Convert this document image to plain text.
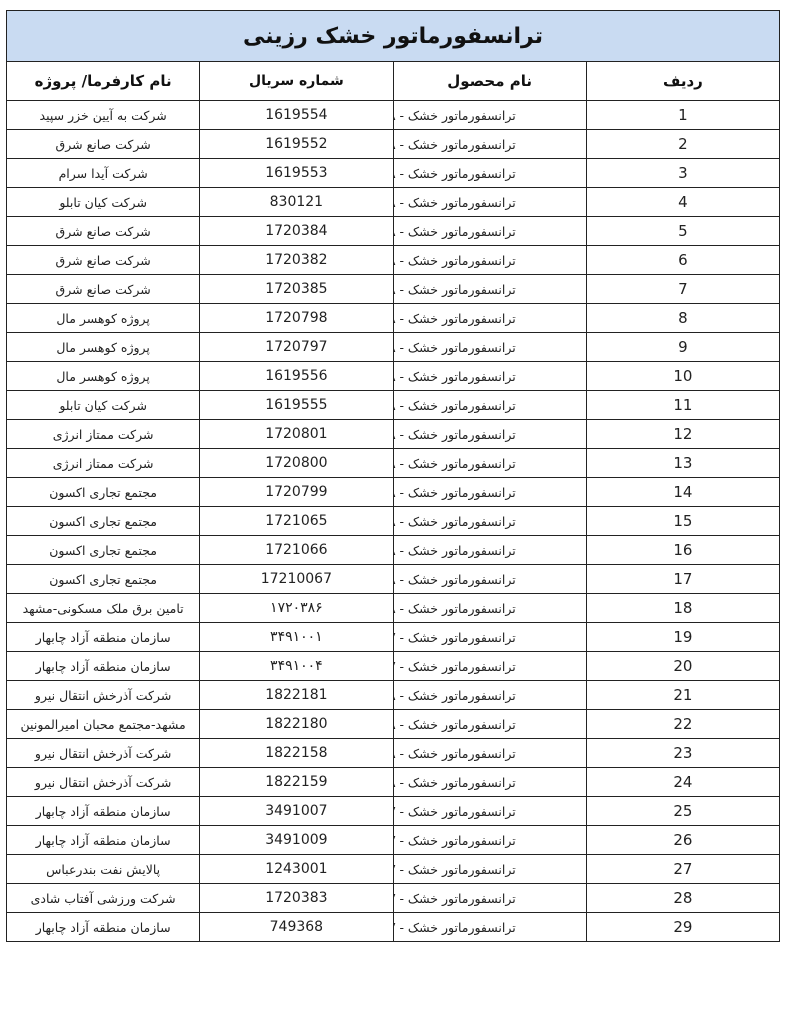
ترانسفورماتور خشک رزینی			
ردیف	نام محصول	شماره سریال	نام کارفرما/ پروژه
1	ترانسفورماتور خشک -	1619554	شرکت به آیین خزر سپید
2	ترانسفورماتور خشک -	1619552	شرکت صانع شرق
3	ترانسفورماتور خشک -	1619553	شرکت آیدا سرام
4	ترانسفورماتور خشک -	830121	شرکت کیان تابلو
5	ترانسفورماتور خشک -	1720384	شرکت صانع شرق
6	ترانسفورماتور خشک -	1720382	شرکت صانع شرق
7	ترانسفورماتور خشک -	1720385	شرکت صانع شرق
8	ترانسفورماتور خشک -	1720798	پروژه کوهسر مال
9	ترانسفورماتور خشک -	1720797	پروژه کوهسر مال
10	ترانسفورماتور خشک -	1619556	پروژه کوهسر مال
11	ترانسفورماتور خشک -	1619555	شرکت کیان تابلو
12	ترانسفورماتور خشک -	1720801	شرکت ممتاز انرژی
13	ترانسفورماتور خشک -	1720800	شرکت ممتاز انرژی
14	ترانسفورماتور خشک -	1720799	مجتمع تجاری اکسون
15	ترانسفورماتور خشک -	1721065	مجتمع تجاری اکسون
16	ترانسفورماتور خشک -	1721066	مجتمع تجاری اکسون
17	ترانسفورماتور خشک -	17210067	مجتمع تجاری اکسون
18	ترانسفورماتور خشک -	۱۷۲۰۳۸۶	تامین برق ملک مسکونی-مشهد
19	ترانسفورماتور خشک -	۳۴۹۱۰۰۱	سازمان منطقه آزاد چابهار
20	ترانسفورماتور خشک -	۳۴۹۱۰۰۴	سازمان منطقه آزاد چابهار
21	ترانسفورماتور خشک -	1822181	شرکت آذرخش انتقال نیرو
22	ترانسفورماتور خشک -	1822180	مشهد-مجتمع محبان امیرالمونین
23	ترانسفورماتور خشک -	1822158	شرکت آذرخش انتقال نیرو
24	ترانسفورماتور خشک -	1822159	شرکت آذرخش انتقال نیرو
25	ترانسفورماتور خشک -	3491007	سازمان منطقه آزاد چابهار
26	ترانسفورماتور خشک -	3491009	سازمان منطقه آزاد چابهار
27	ترانسفورماتور خشک -	1243001	پالایش نفت بندرعباس
28	ترانسفورماتور خشک -	1720383	شرکت ورزشی آفتاب شادی
29	ترانسفورماتور خشک -	749368	سازمان منطقه آزاد چابهار
